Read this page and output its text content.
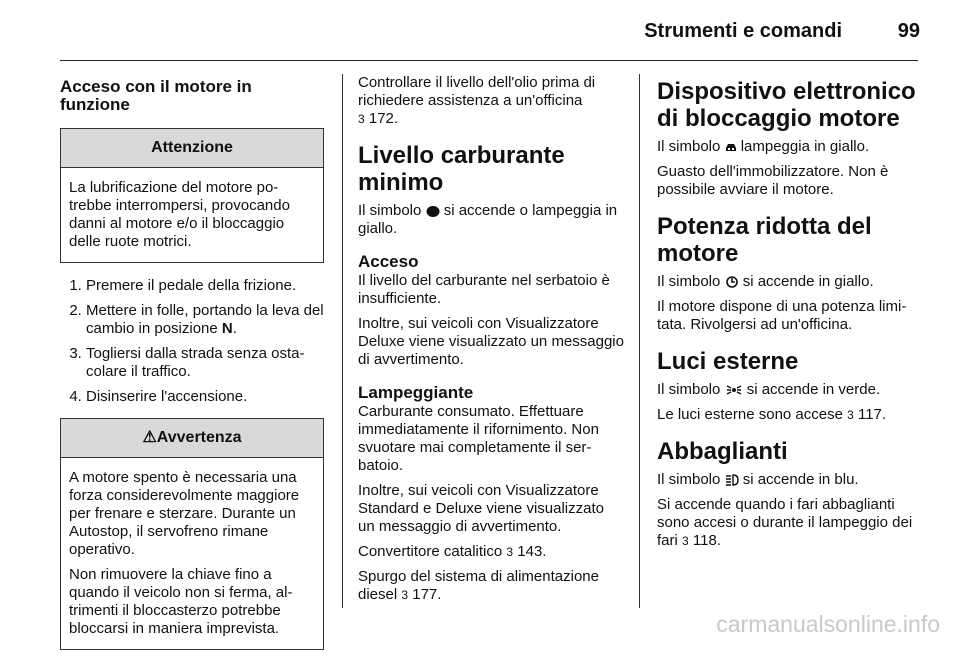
Strumenti e comandi	99
Acceso con il motore in funzione
Attenzione

La lubrificazione del motore potrebbe interrompersi, provocando danni al motore e/o il bloccaggio delle ruote motrici.

1. Premere il pedale della frizione.
2. Mettere in folle, portando la leva del cambio in posizione N.
3. Togliersi dalla strada senza ostacolare il traffico.
4. Disinserire l'accensione.
⚠Avvertenza

A motore spento è necessaria una forza considerevolmente maggiore per frenare e sterzare. Durante un Autostop, il servofreno rimane operativo.

Non rimuovere la chiave fino a quando il veicolo non si ferma, altrimenti il bloccasterzo potrebbe bloccarsi in maniera imprevista.

Controllare il livello dell'olio prima di richiedere assistenza a un'officina
3 172.

Livello carburante minimo

Il simbolo  si accende o lampeggia in giallo.

Acceso

Il livello del carburante nel serbatoio è insufficiente.

Inoltre, sui veicoli con Visualizzatore Deluxe viene visualizzato un messaggio di avvertimento.

Lampeggiante

Carburante consumato. Effettuare immediatamente il rifornimento. Non svuotare mai completamente il serbatoio.

Inoltre, sui veicoli con Visualizzatore Standard e Deluxe viene visualizzato un messaggio di avvertimento.

Convertitore catalitico 3 143.

Spurgo del sistema di alimentazione diesel 3 177.

Dispositivo elettronico di bloccaggio motore

Il simbolo  lampeggia in giallo.

Guasto dell'immobilizzatore. Non è possibile avviare il motore.

Potenza ridotta del motore

Il simbolo  si accende in giallo.

Il motore dispone di una potenza limitata. Rivolgersi ad un'officina.

Luci esterne

Il simbolo  si accende in verde.

Le luci esterne sono accese 3 117.

Abbaglianti

Il simbolo  si accende in blu.

Si accende quando i fari abbaglianti sono accesi o durante il lampeggio dei fari 3 118.

carmanualsonline.info
